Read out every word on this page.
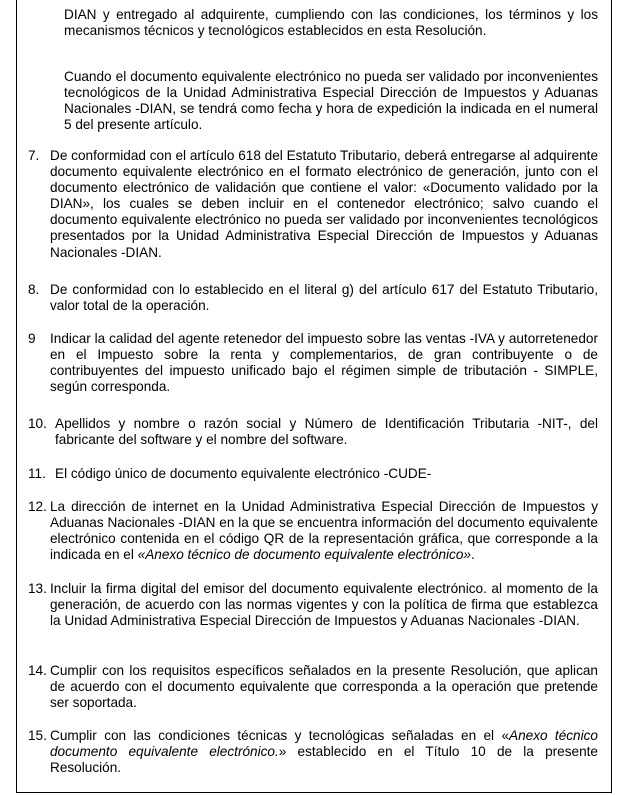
DIAN y entregado al adquirente, cumpliendo con las condiciones, los términos y los mecanismos técnicos y tecnológicos establecidos en esta Resolución.

Cuando el documento equivalente electrónico no pueda ser validado por inconvenientes tecnológicos de la Unidad Administrativa Especial Dirección de Impuestos y Aduanas Nacionales -DIAN, se tendrá como fecha y hora de expedición la indicada en el numeral 5 del presente artículo.

7. De conformidad con el artículo 618 del Estatuto Tributario, deberá entregarse al adquirente documento equivalente electrónico en el formato electrónico de generación, junto con el documento electrónico de validación que contiene el valor: «Documento validado por la DIAN», los cuales se deben incluir en el contenedor electrónico; salvo cuando el documento equivalente electrónico no pueda ser validado por inconvenientes tecnológicos presentados por la Unidad Administrativa Especial Dirección de Impuestos y Aduanas Nacionales -DIAN.

8. De conformidad con lo establecido en el literal g) del artículo 617 del Estatuto Tributario, valor total de la operación.

9 Indicar la calidad del agente retenedor del impuesto sobre las ventas -IVA y autorretenedor en el Impuesto sobre la renta y complementarios, de gran contribuyente o de contribuyentes del impuesto unificado bajo el régimen simple de tributación - SIMPLE, según corresponda.

10. Apellidos y nombre o razón social y Número de Identificación Tributaria -NIT-, del fabricante del software y el nombre del software.

11. El código único de documento equivalente electrónico -CUDE-

12. La dirección de internet en la Unidad Administrativa Especial Dirección de Impuestos y Aduanas Nacionales -DIAN en la que se encuentra información del documento equivalente electrónico contenida en el código QR de la representación gráfica, que corresponde a la indicada en el «Anexo técnico de documento equivalente electrónico».

13. Incluir la firma digital del emisor del documento equivalente electrónico. al momento de la generación, de acuerdo con las normas vigentes y con la política de firma que establezca la Unidad Administrativa Especial Dirección de Impuestos y Aduanas Nacionales -DIAN.

14. Cumplir con los requisitos específicos señalados en la presente Resolución, que aplican de acuerdo con el documento equivalente que corresponda a la operación que pretende ser soportada.

15. Cumplir con las condiciones técnicas y tecnológicas señaladas en el «Anexo técnico documento equivalente electrónico.» establecido en el Título 10 de la presente Resolución.
